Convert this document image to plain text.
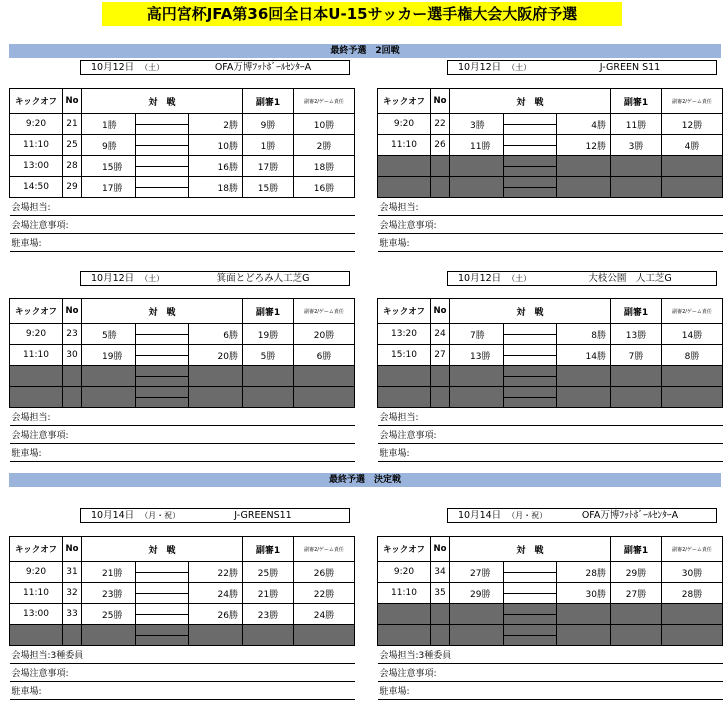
高円宮杯JFA第36回全日本U-15サッカー選手権大会大阪府予選
最終予選　2回戦
最終予選　決定戦
10月12日 （土）	OFA万博ﾌｯﾄﾎﾞｰﾙｾﾝﾀｰA
キックオフ	No	対　戦			副審1	副審2/ゲーム責任
9:20	21	1勝		2勝	9勝	10勝
11:10	25	9勝		10勝	1勝	2勝
13:00	28	15勝		16勝	17勝	18勝
14:50	29	17勝		18勝	15勝	16勝
会場担当:						
会場注意事項:						
駐車場:						
10月12日 （土）	J-GREEN S11
キックオフ	No	対　戦			副審1	副審2/ゲーム責任
9:20	22	3勝		4勝	11勝	12勝
11:10	26	11勝		12勝	3勝	4勝

会場担当:						
会場注意事項:						
駐車場:						
10月12日 （土）	箕面とどろみ人工芝G
キックオフ	No	対　戦			副審1	副審2/ゲーム責任
9:20	23	5勝		6勝	19勝	20勝
11:10	30	19勝		20勝	5勝	6勝

会場担当:						
会場注意事項:						
駐車場:						
10月12日 （土）	大枝公園　人工芝G
キックオフ	No	対　戦			副審1	副審2/ゲーム責任
13:20	24	7勝		8勝	13勝	14勝
15:10	27	13勝		14勝	7勝	8勝

会場担当:						
会場注意事項:						
駐車場:						
10月14日 （月・祝）	J-GREENS11
キックオフ	No	対　戦			副審1	副審2/ゲーム責任
9:20	31	21勝		22勝	25勝	26勝
11:10	32	23勝		24勝	21勝	22勝
13:00	33	25勝		26勝	23勝	24勝

会場担当:3種委員						
会場注意事項:						
駐車場:						
10月14日 （月・祝）	OFA万博ﾌｯﾄﾎﾞｰﾙｾﾝﾀｰA
キックオフ	No	対　戦			副審1	副審2/ゲーム責任
9:20	34	27勝		28勝	29勝	30勝
11:10	35	29勝		30勝	27勝	28勝

会場担当:3種委員						
会場注意事項:						
駐車場:						
